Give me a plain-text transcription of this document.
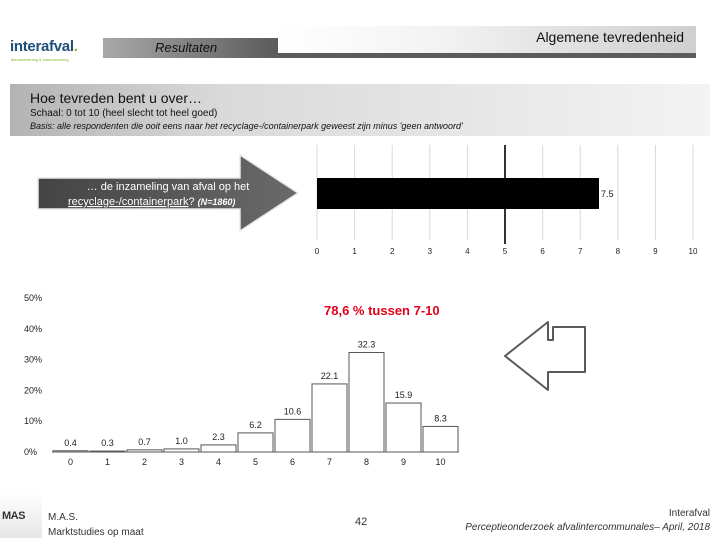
interafval.
dienstverlening & samenwerking
Resultaten
Algemene tevredenheid
Hoe tevreden bent u over…
Schaal: 0 tot 10 (heel slecht tot heel goed)
Basis: alle respondenten die ooit eens naar het recyclage-/containerpark geweest zijn minus 'geen antwoord'
0	1	2	3	4	5	6	7	8	9	10
7.5
… de inzameling van afval op het
recyclage-/containerpark? (N=1860)
78,6 % tussen 7-10
0%
10%
20%
30%
40%
50%
0	1	2	3	4	5	6	7	8	9	10
0.4	0.3	0.7	1.0	2.3
6.2
10.6
22.1
32.3
15.9
8.3
MAS M.A.S.
Marktstudies op maat
42
Interafval
Perceptieonderzoek afvalintercommunales– April, 2018
